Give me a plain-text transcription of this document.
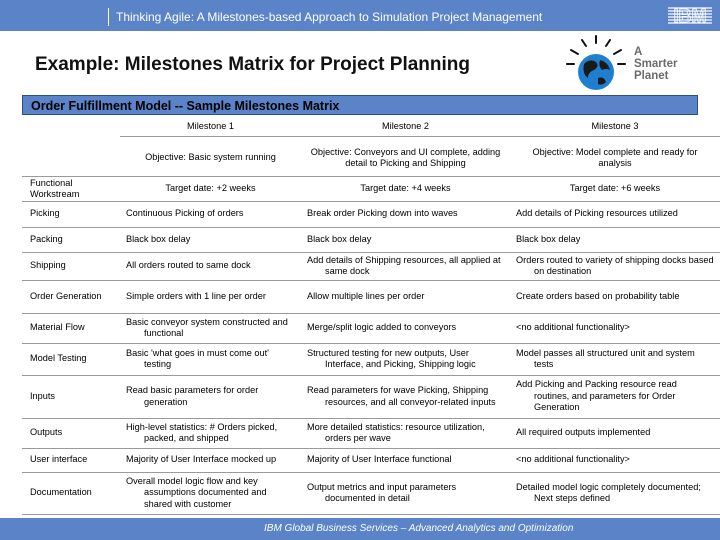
Thinking Agile: A Milestones-based Approach to Simulation Project Management	IBM
Example: Milestones Matrix for Project Planning
A
Smarter
Planet
Order Fulfillment Model -- Sample Milestones Matrix
	Milestone 1	Milestone 2	Milestone 3
	Objective: Basic system running	Objective: Conveyors and UI complete, adding detail to Picking and Shipping	Objective: Model complete and ready for analysis
Functional Workstream	Target date: +2 weeks	Target date: +4 weeks	Target date: +6 weeks
Picking	Continuous Picking of orders	Break order Picking down into waves	Add details of Picking resources utilized

Packing	Black box delay	Black box delay	Black box delay

Shipping	All orders routed to same dock	Add details of Shipping resources, all applied at same dock	Orders routed to variety of shipping docks based on destination

Order Generation	Simple orders with 1 line per order	Allow multiple lines per order	Create orders based on probability table

Material Flow	Basic conveyor system constructed and functional	Merge/split logic added to conveyors	<no additional functionality>

Model Testing	Basic 'what goes in must come out' testing	Structured testing for new outputs, User Interface, and Picking, Shipping logic	Model passes all structured unit and system tests

Inputs	Read basic parameters for order generation	Read parameters for wave Picking, Shipping resources, and all conveyor-related inputs	Add Picking and Packing resource read routines, and parameters for Order Generation

Outputs	High-level statistics: # Orders picked, packed, and shipped	More detailed statistics: resource utilization, orders per wave	All required outputs implemented

User interface	Majority of User Interface mocked up	Majority of User Interface functional	<no additional functionality>

Documentation	Overall model logic flow and key assumptions documented and shared with customer	Output metrics and input parameters documented in detail	Detailed model logic completely documented; Next steps defined
IBM Global Business Services – Advanced Analytics and Optimization
